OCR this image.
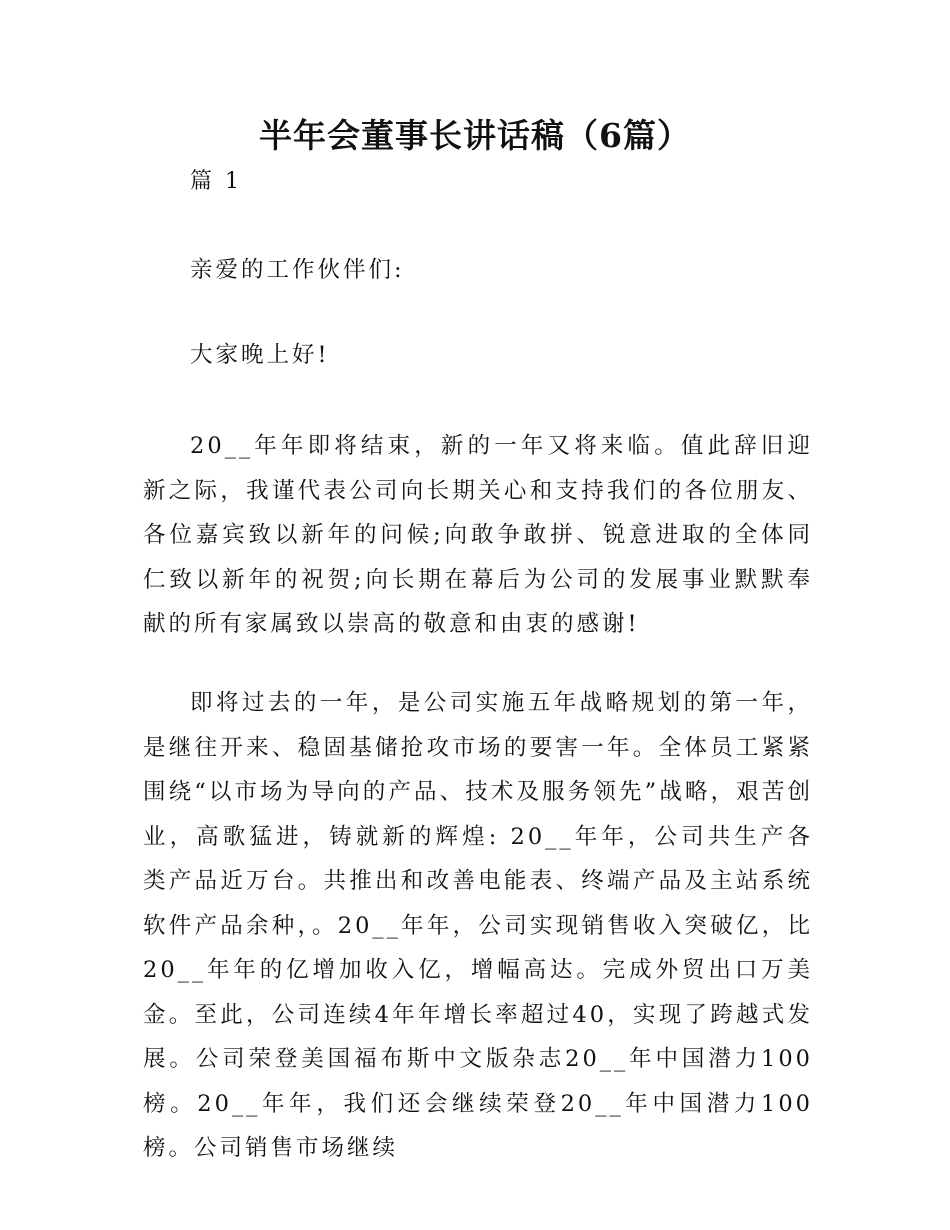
半年会董事长讲话稿（6篇）

篇 1

亲爱的工作伙伴们:

大家晚上好!

20__年年即将结束，新的一年又将来临。值此辞旧迎新之际，我谨代表公司向长期关心和支持我们的各位朋友、各位嘉宾致以新年的问候;向敢争敢拼、锐意进取的全体同仁致以新年的祝贺;向长期在幕后为公司的发展事业默默奉献的所有家属致以崇高的敬意和由衷的感谢!

即将过去的一年，是公司实施五年战略规划的第一年，是继往开来、稳固基储抢攻市场的要害一年。全体员工紧紧围绕“以市场为导向的产品、技术及服务领先”战略，艰苦创业，高歌猛进，铸就新的辉煌: 20__年年，公司共生产各类产品近万台。共推出和改善电能表、终端产品及主站系统软件产品余种，。20__年年，公司实现销售收入突破亿，比20__年年的亿增加收入亿，增幅高达。完成外贸出口万美金。至此，公司连续4年年增长率超过40，实现了跨越式发展。公司荣登美国福布斯中文版杂志20__年中国潜力100榜。20__年年，我们还会继续荣登20__年中国潜力100榜。公司销售市场继续
